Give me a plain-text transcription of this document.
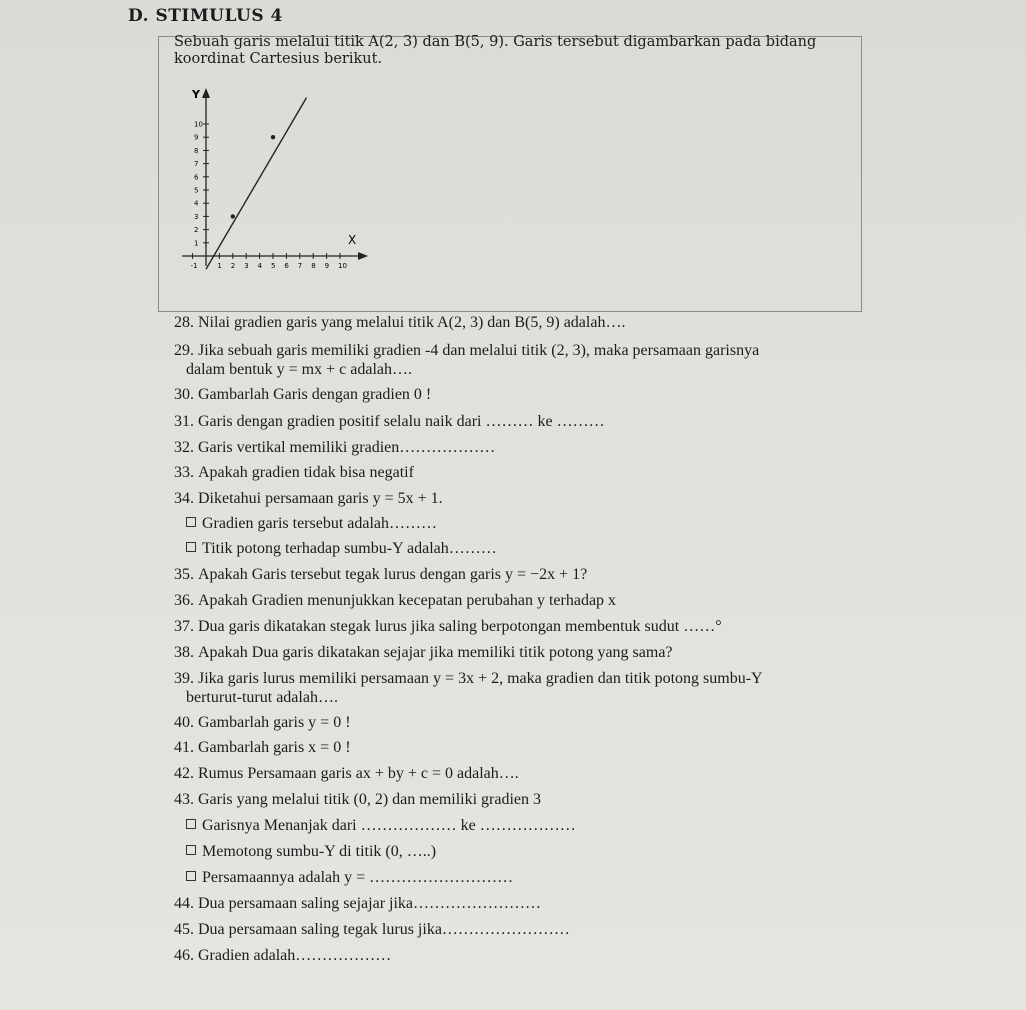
D. STIMULUS 4
Sebuah garis melalui titik A(2, 3) dan B(5, 9). Garis tersebut digambarkan pada bidang
koordinat Cartesius berikut.
Y
X
1
2
3
4
5
6
7
8
9
10
-1	1 2 3 4 5 6 7 8 9 10
28. Nilai gradien garis yang melalui titik A(2, 3) dan B(5, 9) adalah….
29. Jika sebuah garis memiliki gradien -4 dan melalui titik (2, 3), maka persamaan garisnya
dalam bentuk y = mx + c adalah….
30. Gambarlah Garis dengan gradien 0 !
31. Garis dengan gradien positif selalu naik dari ……… ke ………
32. Garis vertikal memiliki gradien………………
33. Apakah gradien tidak bisa negatif
34. Diketahui persamaan garis y = 5x + 1.
Gradien garis tersebut adalah………
Titik potong terhadap sumbu-Y adalah………
35. Apakah Garis tersebut tegak lurus dengan garis y = −2x + 1?
36. Apakah Gradien menunjukkan kecepatan perubahan y terhadap x
37. Dua garis dikatakan stegak lurus jika saling berpotongan membentuk sudut ……°
38. Apakah Dua garis dikatakan sejajar jika memiliki titik potong yang sama?
39. Jika garis lurus memiliki persamaan y = 3x + 2, maka gradien dan titik potong sumbu-Y
berturut-turut adalah….
40. Gambarlah garis y = 0 !
41. Gambarlah garis x = 0 !
42. Rumus Persamaan garis ax + by + c = 0 adalah….
43. Garis yang melalui titik (0, 2) dan memiliki gradien 3
Garisnya Menanjak dari ……………… ke ………………
Memotong sumbu-Y di titik (0, …..)
Persamaannya adalah y = ………………………
44. Dua persamaan saling sejajar jika……………………
45. Dua persamaan saling tegak lurus jika……………………
46. Gradien adalah………………
